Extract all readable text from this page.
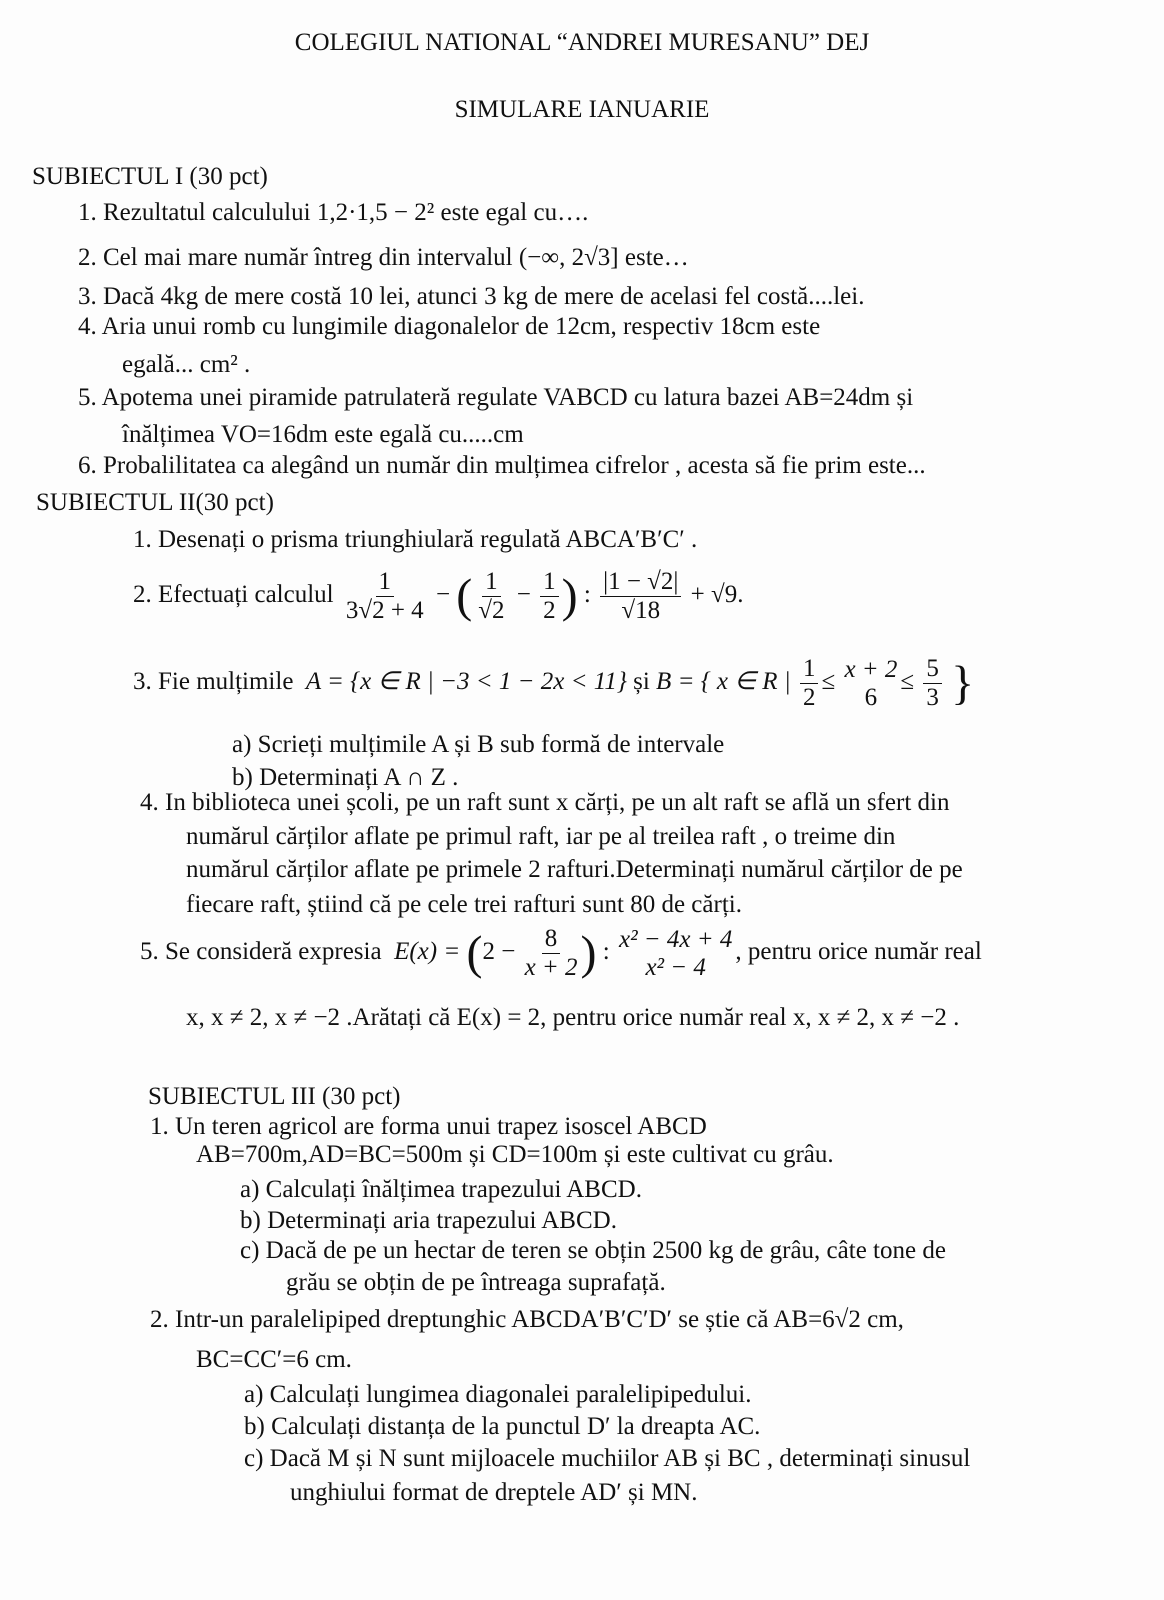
COLEGIUL NATIONAL “ANDREI MURESANU” DEJ
SIMULARE IANUARIE
SUBIECTUL I (30 pct)
1. Rezultatul calculului 1,2·1,5 − 2² este egal cu….
2. Cel mai mare număr întreg din intervalul (−∞, 2√3] este…
3. Dacă 4kg de mere costă 10 lei, atunci 3 kg de mere de acelasi fel costă....lei.
4. Aria unui romb cu lungimile diagonalelor de 12cm, respectiv 18cm este
egală... cm² .
5. Apotema unei piramide patrulateră regulate VABCD cu latura bazei AB=24dm și
înălțimea VO=16dm este egală cu.....cm
6. Probalilitatea ca alegând un număr din mulțimea cifrelor , acesta să fie prim este...
SUBIECTUL II(30 pct)
1. Desenați o prisma triunghiulară regulată ABCA′B′C′ .
2. Efectuați calculul $\frac{1}{3√2 + 4}$ − ( $\frac{1}{√2} - \frac{1}{2}$ ) : $\frac{|1 - √2|}{√18} + √9$.
3. Fie mulțimile A = {x ∈ R | −3 < 1 − 2x < 11} și B = { x ∈ R | $\frac{1}{2} \le x + 2$
6
≤ $\frac{5}{3}$ }
a) Scrieți mulțimile A și B sub formă de intervale
b) Determinați A ∩ Z .
4. In biblioteca unei școli, pe un raft sunt x cărți, pe un alt raft se află un sfert din
numărul cărților aflate pe primul raft, iar pe al treilea raft , o treime din
numărul cărților aflate pe primele 2 rafturi.Determinați numărul cărților de pe
fiecare raft, știind că pe cele trei rafturi sunt 80 de cărți.
5. Se consideră expresia $E(x) = (2 - \frac{8}{x + 2}$ ) : x² − 4x + 4
x² − 4
, pentru orice număr real
x, x ≠ 2, x ≠ −2 .Arătați că E(x) = 2, pentru orice număr real x, x ≠ 2, x ≠ −2 .
SUBIECTUL III (30 pct)
1. Un teren agricol are forma unui trapez isoscel ABCD
AB=700m,AD=BC=500m și CD=100m și este cultivat cu grâu.
a) Calculați înălțimea trapezului ABCD.
b) Determinați aria trapezului ABCD.
c) Dacă de pe un hectar de teren se obțin 2500 kg de grâu, câte tone de
grău se obțin de pe întreaga suprafață.
2. Intr-un paralelipiped dreptunghic ABCDA′B′C′D′ se știe că AB=6√2 cm,
BC=CC′=6 cm.
a) Calculați lungimea diagonalei paralelipipedului.
b) Calculați distanța de la punctul D′ la dreapta AC.
c) Dacă M și N sunt mijloacele muchiilor AB și BC , determinați sinusul
unghiului format de dreptele AD′ și MN.
